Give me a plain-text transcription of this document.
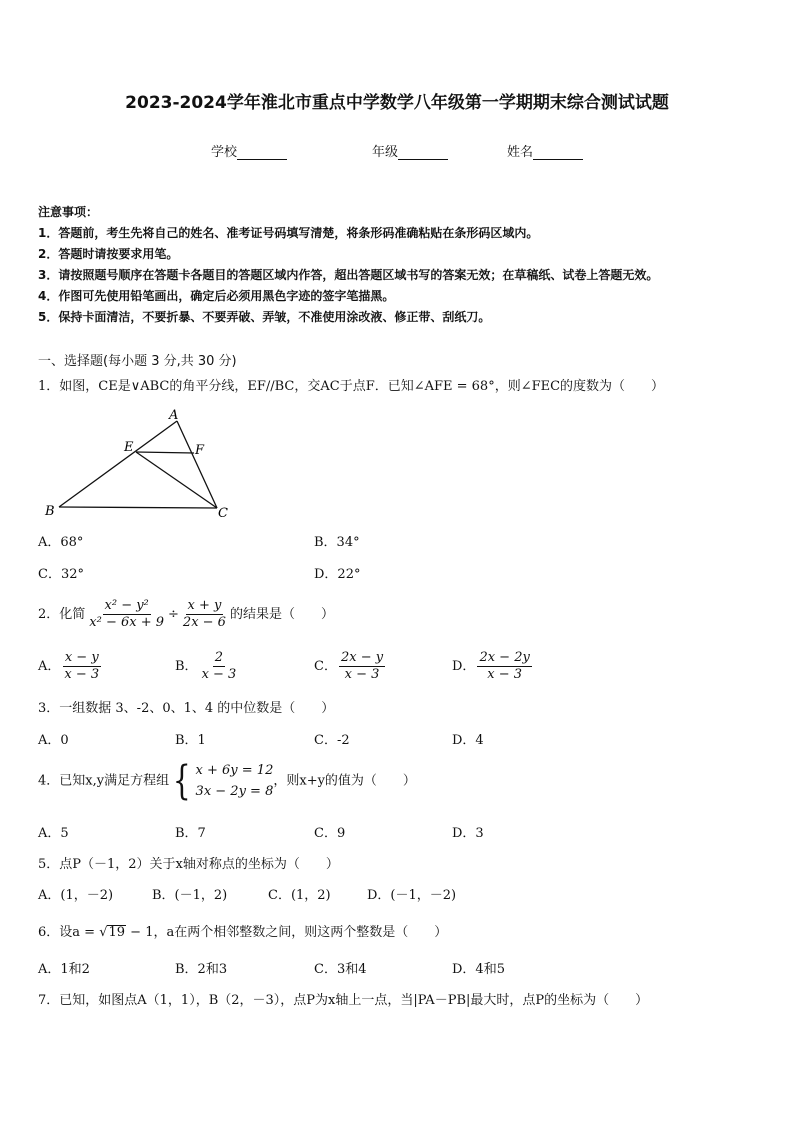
2023-2024学年淮北市重点中学数学八年级第一学期期末综合测试试题
学校	年级	姓名
注意事项：
1．答题前，考生先将自己的姓名、准考证号码填写清楚，将条形码准确粘贴在条形码区域内。
2．答题时请按要求用笔。
3．请按照题号顺序在答题卡各题目的答题区域内作答，超出答题区域书写的答案无效；在草稿纸、试卷上答题无效。
4．作图可先使用铅笔画出，确定后必须用黑色字迹的签字笔描黑。
5．保持卡面清洁，不要折暴、不要弄破、弄皱，不准使用涂改液、修正带、刮纸刀。
一、选择题(每小题 3 分,共 30 分)
1．如图，CE是∨ABC的角平分线，EF//BC，交AC于点F．已知∠AFE = 68°，则∠FEC的度数为（　　）
A
E	F
B	C
A．68°	B．34°
C．32°	D．22°
2．化简 $\frac{\text{x² − y²}}{\text{x² − 6x + 9}} \div \frac{x + y}{2x - 6}$ 的结果是（　　）
A． $\frac{x - y}{x - 3}$	B． $\frac{2}{x - 3}$	C． $\frac{2x - y}{x - 3}$	D． $\frac{2x - 2y}{x - 3}$
3．一组数据 3、-2、0、1、4 的中位数是（　　）
A．0	B．1	C．-2	D．4
4．已知x,y满足方程组 { x + 6y = 12
3x − 2y = 8
，则x+y的值为（　　）
A．5	B．7	C．9	D．3
5．点P（－1，2）关于x轴对称点的坐标为（　　）
A．(1，－2)	B．(－1，2)	C．(1，2)	D．(－1，－2)
6．设a = √19 − 1，a在两个相邻整数之间，则这两个整数是（　　）
A．1和2	B．2和3	C．3和4	D．4和5
7．已知，如图点A（1，1），B（2，－3），点P为x轴上一点，当|PA－PB|最大时，点P的坐标为（　　）
